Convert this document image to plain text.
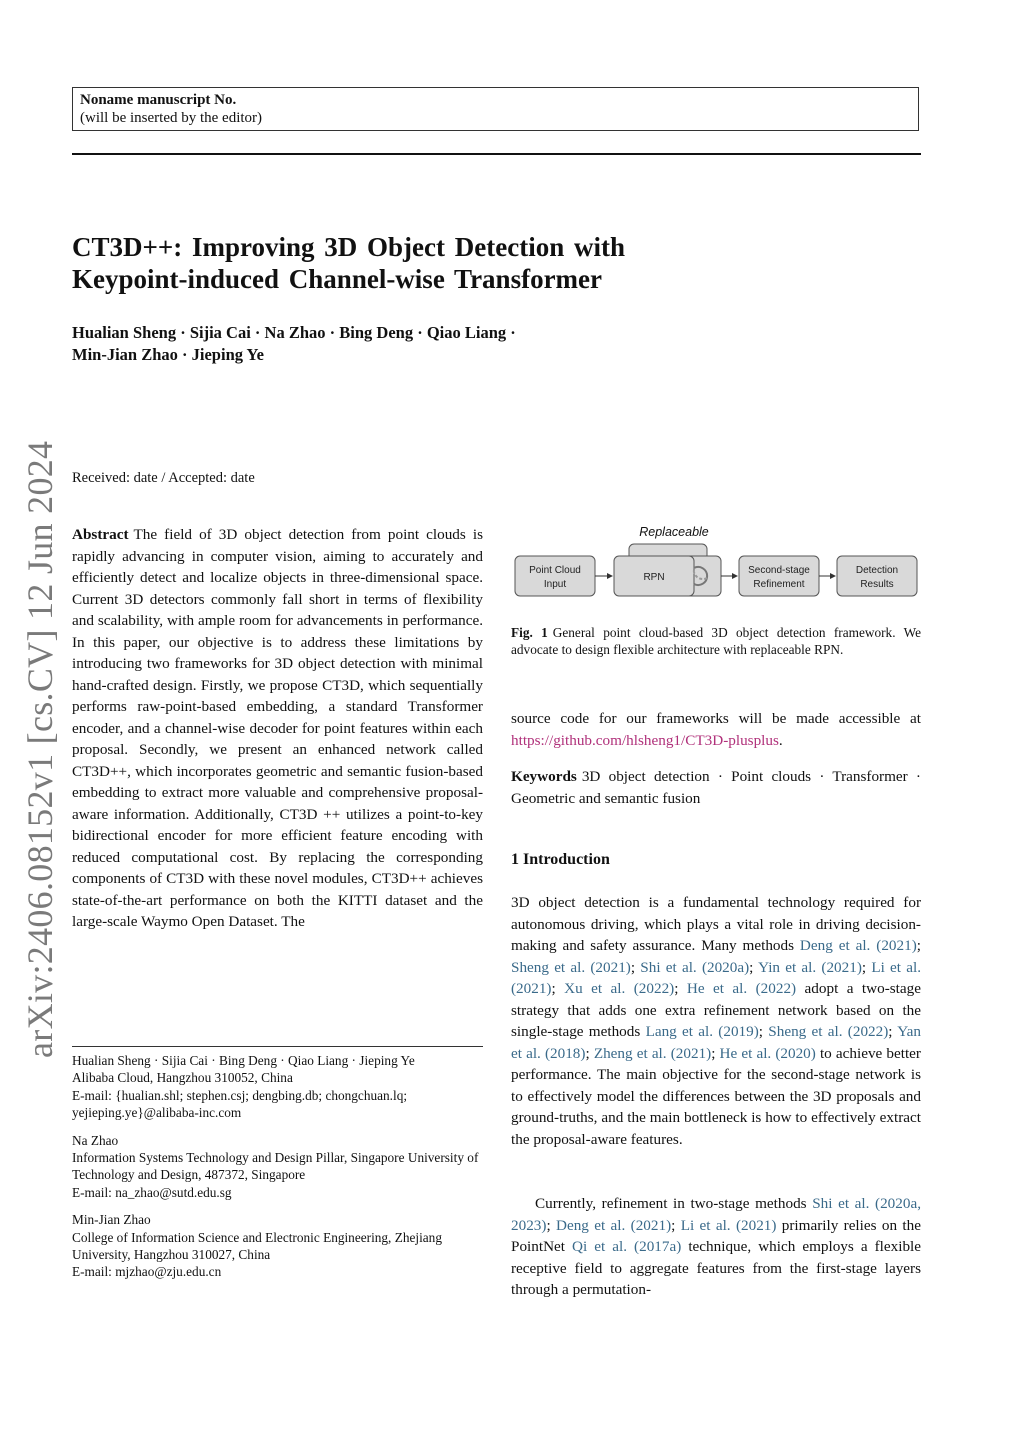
Noname manuscript No.
(will be inserted by the editor)
CT3D++: Improving 3D Object Detection with
Keypoint-induced Channel-wise Transformer
Hualian Sheng · Sijia Cai · Na Zhao · Bing Deng · Qiao Liang ·
Min-Jian Zhao · Jieping Ye
arXiv:2406.08152v1 [cs.CV] 12 Jun 2024 Received: date / Accepted: date
Abstract The field of 3D object detection from point clouds is rapidly advancing in computer vision, aiming to accurately and efficiently detect and localize objects in three-dimensional space. Current 3D detectors commonly fall short in terms of flexibility and scalability, with ample room for advancements in performance. In this paper, our objective is to address these limitations by introducing two frameworks for 3D object detection with minimal hand-crafted design. Firstly, we propose CT3D, which sequentially performs raw-point-based embedding, a standard Transformer encoder, and a channel-wise decoder for point features within each proposal. Secondly, we present an enhanced network called CT3D++, which incorporates geometric and semantic fusion-based embedding to extract more valuable and comprehensive proposal-aware information. Additionally, CT3D ++ utilizes a point-to-key bidirectional encoder for more efficient feature encoding with reduced computational cost. By replacing the corresponding components of CT3D with these novel modules, CT3D++ achieves state-of-the-art performance on both the KITTI dataset and the large-scale Waymo Open Dataset. The
Hualian Sheng · Sijia Cai · Bing Deng · Qiao Liang · Jieping Ye
Alibaba Cloud, Hangzhou 310052, China
E-mail: {hualian.shl; stephen.csj; dengbing.db; chongchuan.lq; yejieping.ye}@alibaba-inc.com
Na Zhao
Information Systems Technology and Design Pillar, Singapore University of Technology and Design, 487372, Singapore
E-mail: na_zhao@sutd.edu.sg
Min-Jian Zhao
College of Information Science and Electronic Engineering, Zhejiang University, Hangzhou 310027, China
E-mail: mjzhao@zju.edu.cn
Replaceable
Point Cloud
Input
RPN
Second-stage
Refinement
Detection
Results
Fig. 1 General point cloud-based 3D object detection framework. We advocate to design flexible architecture with replaceable RPN.
source code for our frameworks will be made accessible at https://github.com/hlsheng1/CT3D-plusplus.
Keywords 3D object detection · Point clouds · Transformer · Geometric and semantic fusion
1 Introduction
3D object detection is a fundamental technology required for autonomous driving, which plays a vital role in driving decision-making and safety assurance. Many methods Deng et al. (2021); Sheng et al. (2021); Shi et al. (2020a); Yin et al. (2021); Li et al. (2021); Xu et al. (2022); He et al. (2022) adopt a two-stage strategy that adds one extra refinement network based on the single-stage methods Lang et al. (2019); Sheng et al. (2022); Yan et al. (2018); Zheng et al. (2021); He et al. (2020) to achieve better performance. The main objective for the second-stage network is to effectively model the differences between the 3D proposals and ground-truths, and the main bottleneck is how to effectively extract the proposal-aware features.
Currently, refinement in two-stage methods Shi et al. (2020a, 2023); Deng et al. (2021); Li et al. (2021) primarily relies on the PointNet Qi et al. (2017a) technique, which employs a flexible receptive field to aggregate features from the first-stage layers through a permutation-
